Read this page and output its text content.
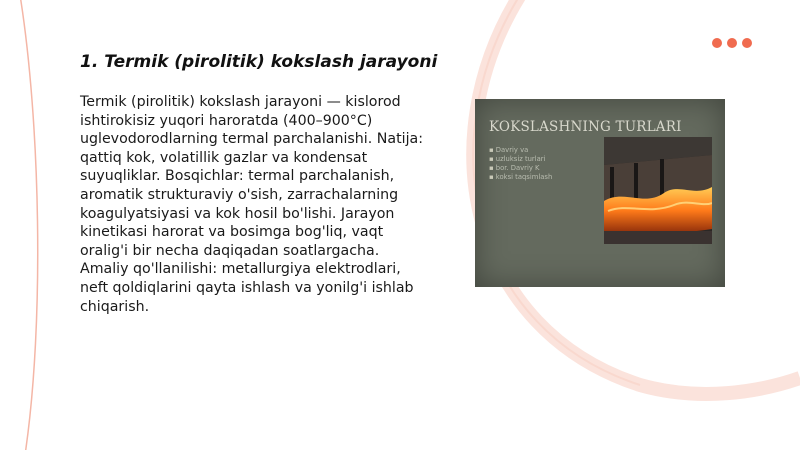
1. Termik (pirolitik) kokslash jarayoni
Termik (pirolitik) kokslash jarayoni — kislorod ishtirokisiz yuqori haroratda (400–900°C) uglevodorodlarning termal parchalanishi. Natija: qattiq kok, volatillik gazlar va kondensat suyuqliklar. Bosqichlar: termal parchalanish, aromatik strukturaviy o'sish, zarrachalarning koagulyatsiyasi va kok hosil bo'lishi. Jarayon kinetikasi harorat va bosimga bog'liq, vaqt oralig'i bir necha daqiqadan soatlargacha. Amaliy qo'llanilishi: metallurgiya elektrodlari, neft qoldiqlarini qayta ishlash va yonilg'i ishlab chiqarish.
KOKSLASHNING TURLARI
▪ Davriy va
▪ uzluksiz turlari
▪ bor. Davriy K
▪ koksi taqsimlash
